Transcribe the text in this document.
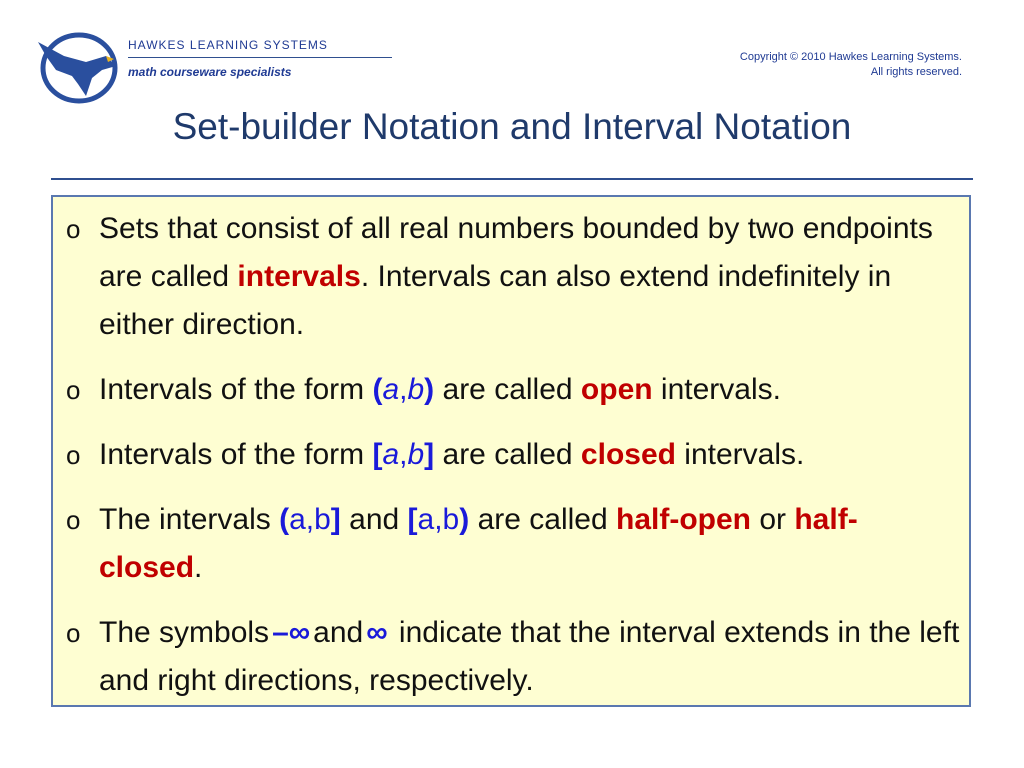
HAWKES LEARNING SYSTEMS
math courseware specialists
Copyright © 2010 Hawkes Learning Systems.
All rights reserved.
Set-builder Notation and Interval Notation
o Sets that consist of all real numbers bounded by two endpoints are called intervals. Intervals can also extend indefinitely in either direction.
o Intervals of the form (a,b) are called open intervals.
o Intervals of the form [a,b] are called closed intervals.
o The intervals (a,b] and [a,b) are called half-open or half-closed.
o The symbols –∞ and ∞ indicate that the interval extends in the left and right directions, respectively.
